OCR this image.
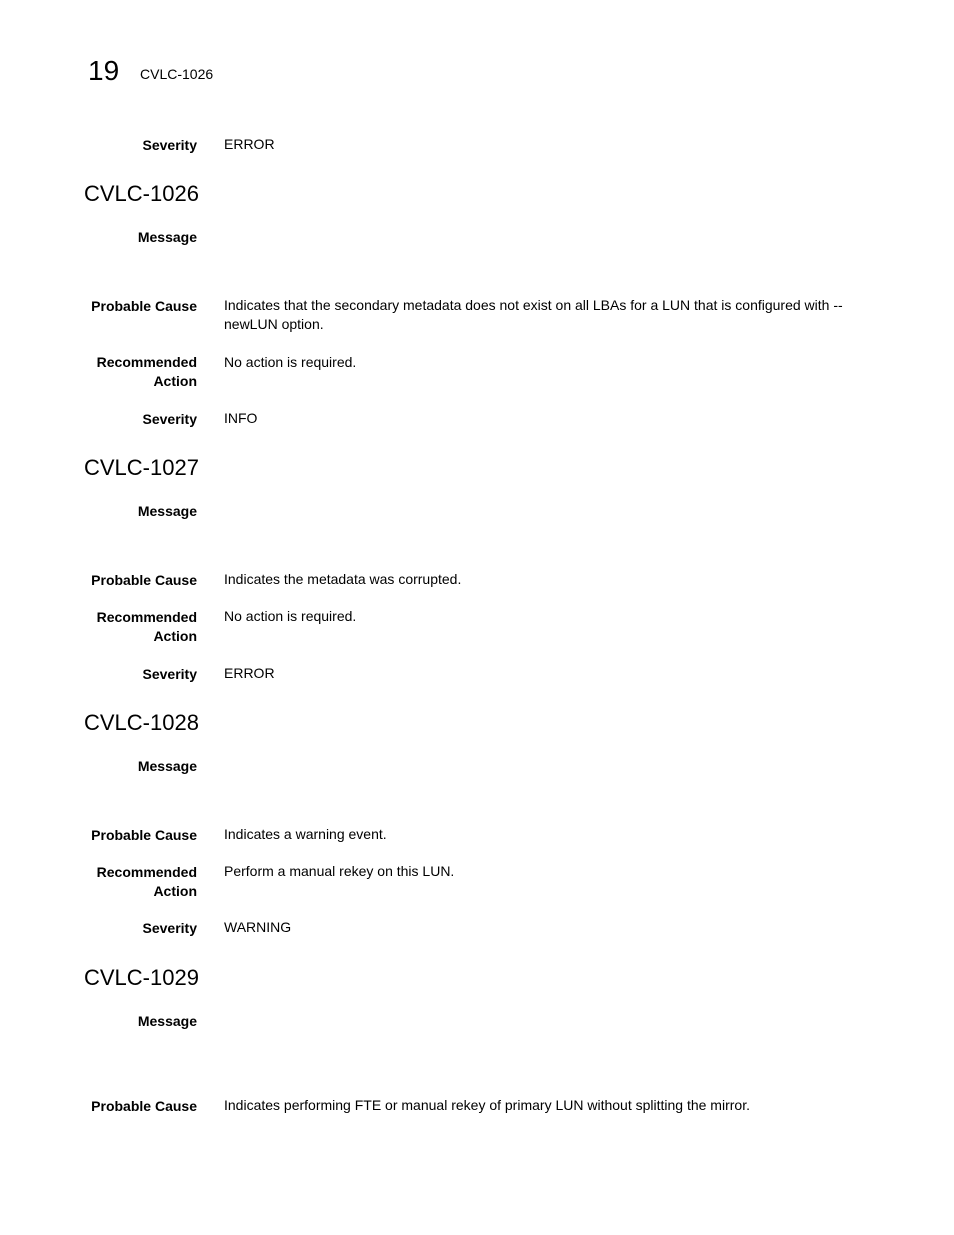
19 CVLC-1026
Severity ERROR
CVLC-1026
Message
Probable Cause Indicates that the secondary metadata does not exist on all LBAs for a LUN that is configured with --newLUN option.
Recommended
Action
No action is required.
Severity INFO
CVLC-1027
Message
Probable Cause Indicates the metadata was corrupted.
Recommended
Action
No action is required.
Severity ERROR
CVLC-1028
Message
Probable Cause Indicates a warning event.
Recommended
Action
Perform a manual rekey on this LUN.
Severity WARNING
CVLC-1029
Message
Probable Cause Indicates performing FTE or manual rekey of primary LUN without splitting the mirror.
